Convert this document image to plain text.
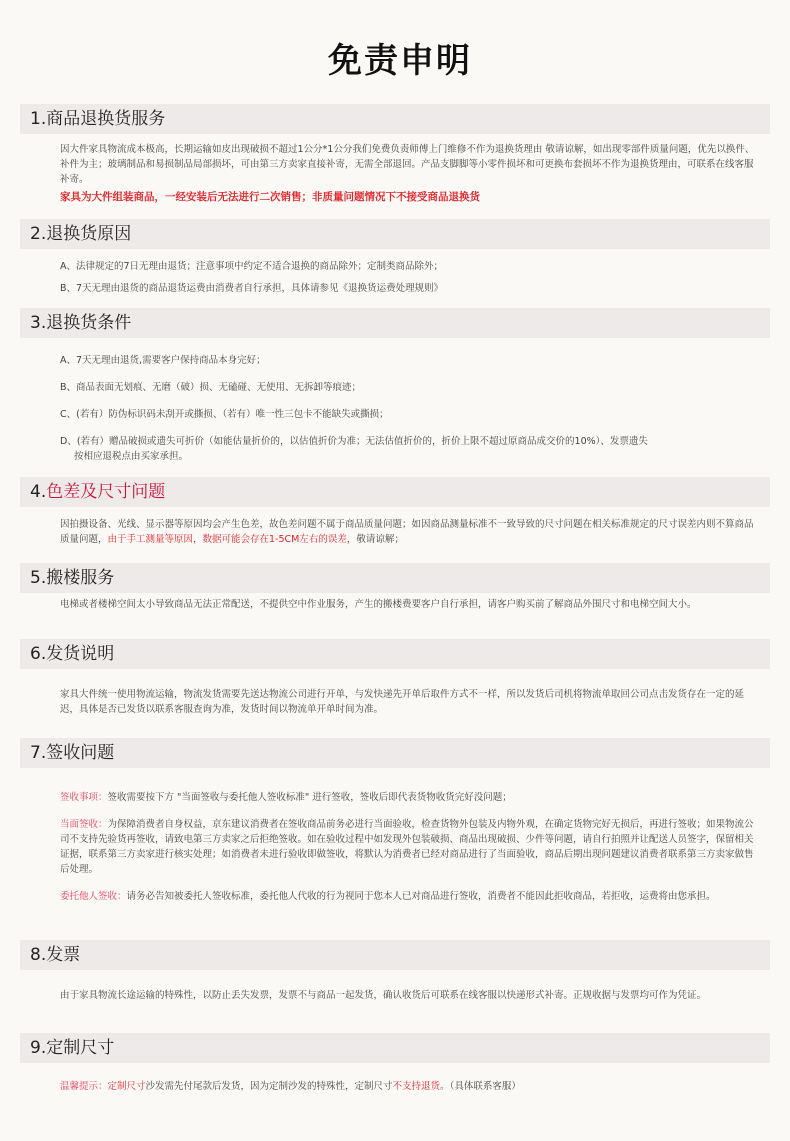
免责申明
1.商品退换货服务

因大件家具物流成本极高，长期运输如皮出现破损不超过1公分*1公分我们免费负责师傅上门维修不作为退换货理由 敬请谅解，如出现零部件质量问题，优先以换件、补件为主；玻璃制品和易损制品局部损坏，可由第三方卖家直接补寄，无需全部退回。产品支脚脚等小零件损坏和可更换布套损坏不作为退换货理由，可联系在线客服补寄。

家具为大件组装商品，一经安装后无法进行二次销售；非质量问题情况下不接受商品退换货

2.退换货原因

A、法律规定的7日无理由退货；注意事项中约定不适合退换的商品除外；定制类商品除外；

B、7天无理由退货的商品退货运费由消费者自行承担，具体请参见《退换货运费处理规则》

3.退换货条件

A、7天无理由退货,需要客户保持商品本身完好；

B、商品表面无划痕、无磨（破）损、无磕碰、无使用、无拆卸等痕迹；

C、(若有）防伪标识码未刮开或撕损、（若有）唯一性三包卡不能缺失或撕损；

D、(若有）赠品破损或遗失可折价（如能估量折价的，以估值折价为准；无法估值折价的，折价上限不超过原商品成交价的10%）、发票遗失

按相应退税点由买家承担。

4.色差及尺寸问题

因拍摄设备、光线、显示器等原因均会产生色差，故色差问题不属于商品质量问题；如因商品测量标准不一致导致的尺寸问题在相关标准规定的尺寸误差内则不算商品质量问题，由于手工测量等原因，数据可能会存在1-5CM左右的误差，敬请谅解；

5.搬楼服务

电梯或者楼梯空间太小导致商品无法正常配送，不提供空中作业服务，产生的搬楼费要客户自行承担，请客户购买前了解商品外围尺寸和电梯空间大小。

6.发货说明

家具大件统一使用物流运输，物流发货需要先送达物流公司进行开单，与发快递先开单后取件方式不一样，所以发货后司机将物流单取回公司点击发货存在一定的延迟，具体是否已发货以联系客服查询为准，发货时间以物流单开单时间为准。

7.签收问题

签收事项：签收需要按下方 "当面签收与委托他人签收标准" 进行签收，签收后即代表货物收货完好没问题；

当面签收：为保障消费者自身权益，京东建议消费者在签收商品前务必进行当面验收，检查货物外包装及内物外观，在确定货物完好无损后，再进行签收；如果物流公司不支持先验货再签收，请致电第三方卖家之后拒绝签收。如在验收过程中如发现外包装破损、商品出现破损、少件等问题，请自行拍照并让配送人员签字，保留相关证据，联系第三方卖家进行核实处理；如消费者未进行验收即做签收，将默认为消费者已经对商品进行了当面验收，商品后期出现问题建议消费者联系第三方卖家做售后处理。

委托他人签收：请务必告知被委托人签收标准，委托他人代收的行为视同于您本人已对商品进行签收，消费者不能因此拒收商品，若拒收，运费将由您承担。

8.发票

由于家具物流长途运输的特殊性，以防止丢失发票，发票不与商品一起发货，确认收货后可联系在线客服以快递形式补寄。正规收据与发票均可作为凭证。

9.定制尺寸

温馨提示：定制尺寸沙发需先付尾款后发货，因为定制沙发的特殊性，定制尺寸不支持退货。（具体联系客服）
